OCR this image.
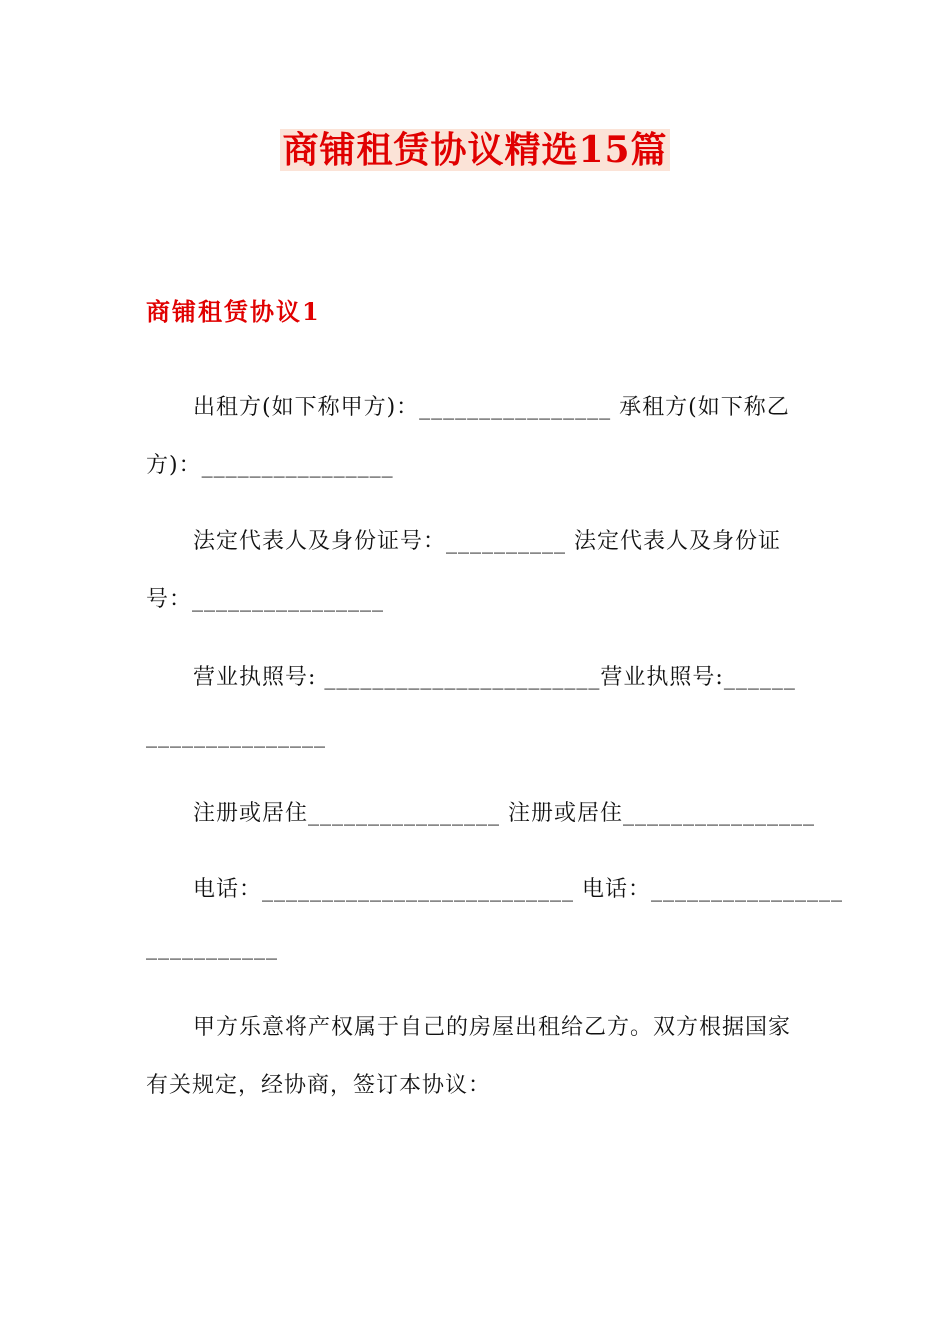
商铺租赁协议精选15篇
商铺租赁协议1
出租方(如下称甲方)：________________ 承租方(如下称乙
方)：________________
法定代表人及身份证号：__________ 法定代表人及身份证
号：________________
营业执照号: _______________________营业执照号:______
_______________
注册或居住________________ 注册或居住________________
电话：__________________________ 电话：________________
___________
甲方乐意将产权属于自己的房屋出租给乙方。双方根据国家
有关规定，经协商，签订本协议：
